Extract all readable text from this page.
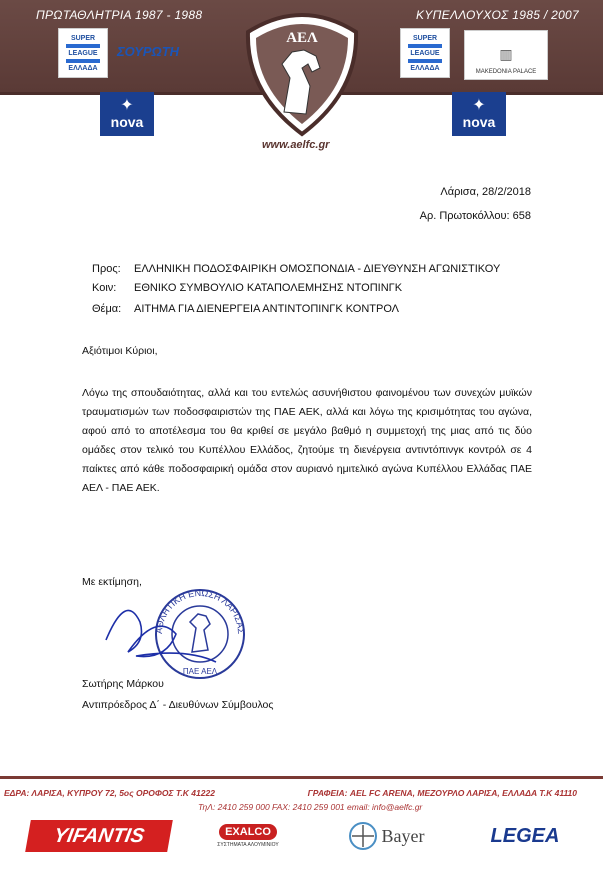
ΠΡΩΤΑΘΛΗΤΡΙΑ 1987 - 1988	ΚΥΠΕΛΛΟΥΧΟΣ 1985 / 2007
SUPER
LEAGUE
ΕΛΛΑΔΑ
ΣΟΥΡΩΤΗ
SUPER
LEAGUE
ΕΛΛΑΔΑ
▥
MAKEDONIA PALACE
✦
nova
✦
nova
ΑΕΛ
www.aelfc.gr
Λάρισα, 28/2/2018
Αρ. Πρωτοκόλλου: 658
Προς: ΕΛΛΗΝΙΚΗ ΠΟΔΟΣΦΑΙΡΙΚΗ ΟΜΟΣΠΟΝΔΙΑ - ΔΙΕΥΘΥΝΣΗ ΑΓΩΝΙΣΤΙΚΟΥ
Κοιν: ΕΘΝΙΚΟ ΣΥΜΒΟΥΛΙΟ ΚΑΤΑΠΟΛΕΜΗΣΗΣ ΝΤΟΠΙΝΓΚ
Θέμα: ΑΙΤΗΜΑ ΓΙΑ ΔΙΕΝΕΡΓΕΙΑ ΑΝΤΙΝΤΟΠΙΝΓΚ ΚΟΝΤΡΟΛ
Αξιότιμοι Κύριοι,
Λόγω της σπουδαιότητας, αλλά και του εντελώς ασυνήθιστου φαινομένου των συνεχών μυϊκών τραυματισμών των ποδοσφαιριστών της ΠΑΕ ΑΕΚ, αλλά και λόγω της κρισιμότητας του αγώνα, αφού από το αποτέλεσμα του θα κριθεί σε μεγάλο βαθμό η συμμετοχή της μιας από τις δύο ομάδες στον τελικό του Κυπέλλου Ελλάδος, ζητούμε τη διενέργεια αντιντόπινγκ κοντρόλ σε 4 παίκτες από κάθε ποδοσφαιρική ομάδα στον αυριανό ημιτελικό αγώνα Κυπέλλου Ελλάδας ΠΑΕ ΑΕΛ - ΠΑΕ ΑΕΚ.
Με εκτίμηση,
ΑΘΛΗΤΙΚΗ ΕΝΩΣΗ ΛΑΡΙΣΑΣ
ΠΑΕ ΑΕΛ
Σωτήρης Μάρκου
Αντιπρόεδρος Δ΄ - Διευθύνων Σύμβουλος
ΕΔΡΑ: ΛΑΡΙΣΑ, ΚΥΠΡΟΥ 72, 5ος ΟΡΟΦΟΣ Τ.Κ 41222	ΓΡΑΦΕΙΑ: AEL FC ARENA, ΜΕΖΟΥΡΛΟ ΛΑΡΙΣΑ, ΕΛΛΑΔΑ Τ.Κ 41110
ΤηΛ: 2410 259 000 FAX: 2410 259 001 email: info@aelfc.gr
YIFANTIS	EXALCO
ΣΥΣΤΗΜΑΤΑ ΑΛΟΥΜΙΝΙΟΥ	Bayer	LEGEA
